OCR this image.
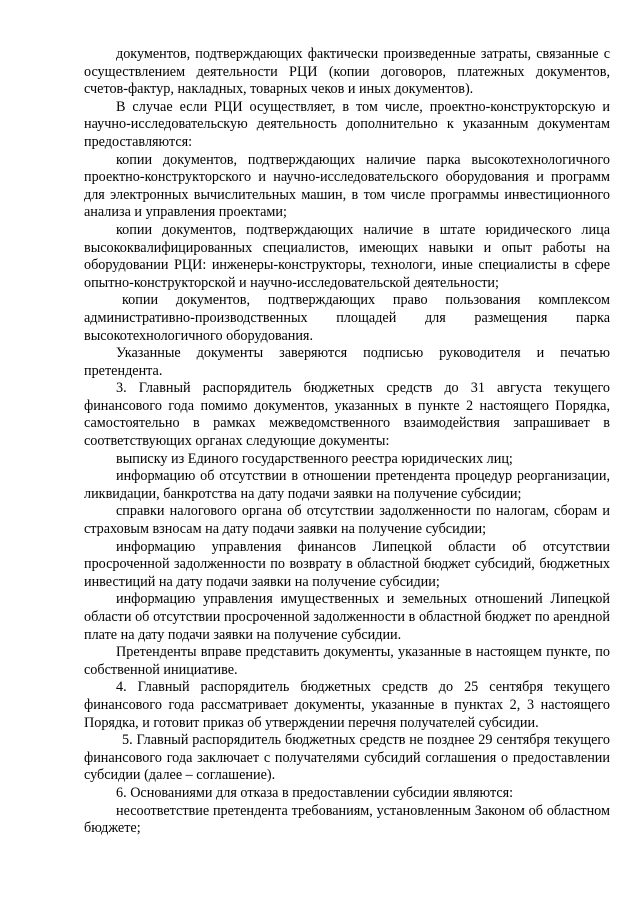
документов, подтверждающих фактически произведенные затраты, связанные с осуществлением деятельности РЦИ (копии договоров, платежных документов, счетов-фактур, накладных, товарных чеков и иных документов).

В случае если РЦИ осуществляет, в том числе, проектно-конструкторскую и научно-исследовательскую деятельность дополнительно к указанным документам предоставляются:

копии документов, подтверждающих наличие парка высокотехнологичного проектно-конструкторского и научно-исследовательского оборудования и программ для электронных вычислительных машин, в том числе программы инвестиционного анализа и управления проектами;

копии документов, подтверждающих наличие в штате юридического лица высококвалифицированных специалистов, имеющих навыки и опыт работы на оборудовании РЦИ: инженеры-конструкторы, технологи, иные специалисты в сфере опытно-конструкторской и научно-исследовательской деятельности;

копии документов, подтверждающих право пользования комплексом административно-производственных площадей для размещения парка высокотехнологичного оборудования.

Указанные документы заверяются подписью руководителя и печатью претендента.

3. Главный распорядитель бюджетных средств до 31 августа текущего финансового года помимо документов, указанных в пункте 2 настоящего Порядка, самостоятельно в рамках межведомственного взаимодействия запрашивает в соответствующих органах следующие документы:

выписку из Единого государственного реестра юридических лиц;

информацию об отсутствии в отношении претендента процедур реорганизации, ликвидации, банкротства на дату подачи заявки на получение субсидии;

справки налогового органа об отсутствии задолженности по налогам, сборам и страховым взносам на дату подачи заявки на получение субсидии;

информацию управления финансов Липецкой области об отсутствии просроченной задолженности по возврату в областной бюджет субсидий, бюджетных инвестиций на дату подачи заявки на получение субсидии;

информацию управления имущественных и земельных отношений Липецкой области об отсутствии просроченной задолженности в областной бюджет по арендной плате на дату подачи заявки на получение субсидии.

Претенденты вправе представить документы, указанные в настоящем пункте, по собственной инициативе.

4. Главный распорядитель бюджетных средств до 25 сентября текущего финансового года рассматривает документы, указанные в пунктах 2, 3 настоящего Порядка, и готовит приказ об утверждении перечня получателей субсидии.

5. Главный распорядитель бюджетных средств не позднее 29 сентября текущего финансового года заключает с получателями субсидий соглашения о предоставлении субсидии (далее – соглашение).

6. Основаниями для отказа в предоставлении субсидии являются:

несоответствие претендента требованиям, установленным Законом об областном бюджете;
